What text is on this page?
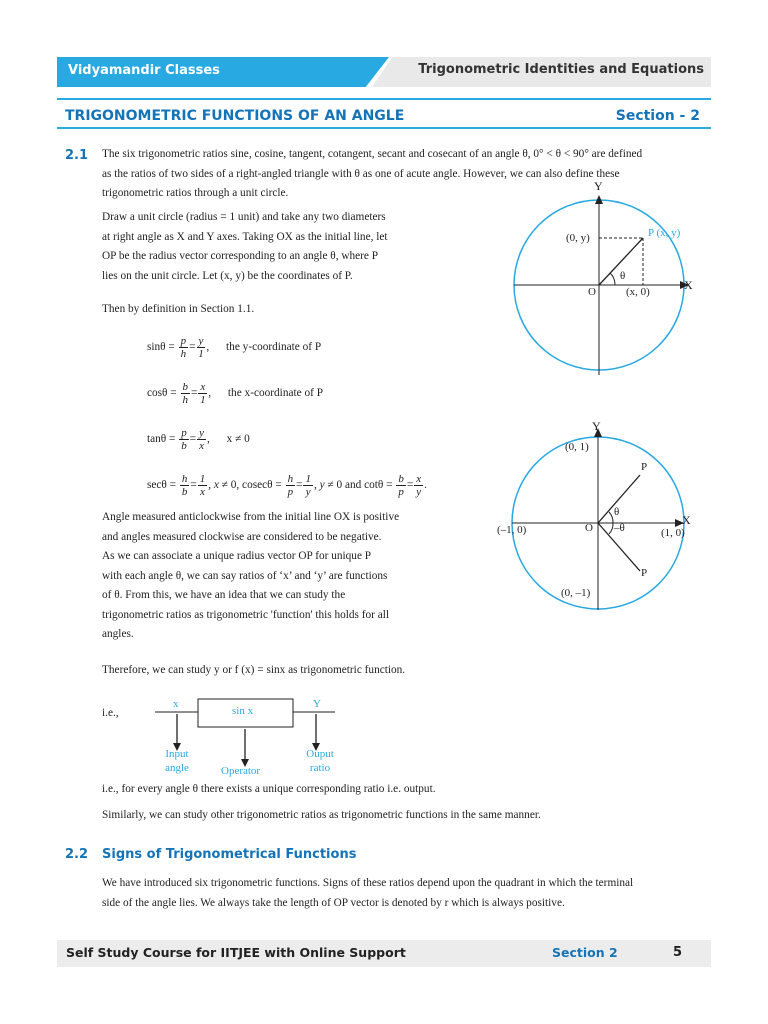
Vidyamandir Classes	Trigonometric Identities and Equations
TRIGONOMETRIC FUNCTIONS OF AN ANGLE	Section - 2
2.1 The six trigonometric ratios sine, cosine, tangent, cotangent, secant and cosecant of an angle θ, 0° < θ < 90° are defined
as the ratios of two sides of a right-angled triangle with θ as one of acute angle. However, we can also define these
trigonometric ratios through a unit circle.
Draw a unit circle (radius = 1 unit) and take any two diameters
at right angle as X and Y axes. Taking OX as the initial line, let
OP be the radius vector corresponding to an angle θ, where P
lies on the unit circle. Let (x, y) be the coordinates of P.
Then by definition in Section 1.1.
$\sin\theta = \frac{p}{h} = \frac{y}{1}$ , the y-coordinate of P
$\cos\theta = \frac{b}{h} = \frac{x}{1}$ , the x-coordinate of P
$\tan\theta = \frac{p}{b} = \frac{y}{x}$ , x ≠ 0
$\sec\theta = \frac{h}{b} = \frac{1}{x}$ , x ≠ 0, $cosec\theta = \frac{h}{p} = \frac{1}{y}$ , y ≠ 0 and $\cot\theta = \frac{b}{p} = \frac{x}{y}$ .
Angle measured anticlockwise from the initial line OX is positive
and angles measured clockwise are considered to be negative.
As we can associate a unique radius vector OP for unique P
with each angle θ, we can say ratios of ‘x’ and ‘y’ are functions
of θ. From this, we have an idea that we can study the
trigonometric ratios as trigonometric 'function' this holds for all
angles.
Therefore, we can study y or f (x) = sinx as trigonometric function.
i.e.,
x
sin x
Y
Input
angle	Operator
Ouput
ratio
i.e., for every angle θ there exists a unique corresponding ratio i.e. output.
Similarly, we can study other trigonometric ratios as trigonometric functions in the same manner.
Y
X
P (x, y)
(0, y)
(x, 0)
O
θ
Y
X
(0, 1)
(0, –1)
(–1, 0)	(1, 0)
O
P
P
θ
–θ
2.2 Signs of Trigonometrical Functions
We have introduced six trigonometric functions. Signs of these ratios depend upon the quadrant in which the terminal
side of the angle lies. We always take the length of OP vector is denoted by r which is always positive.
Self Study Course for IITJEE with Online Support	Section 2	5
